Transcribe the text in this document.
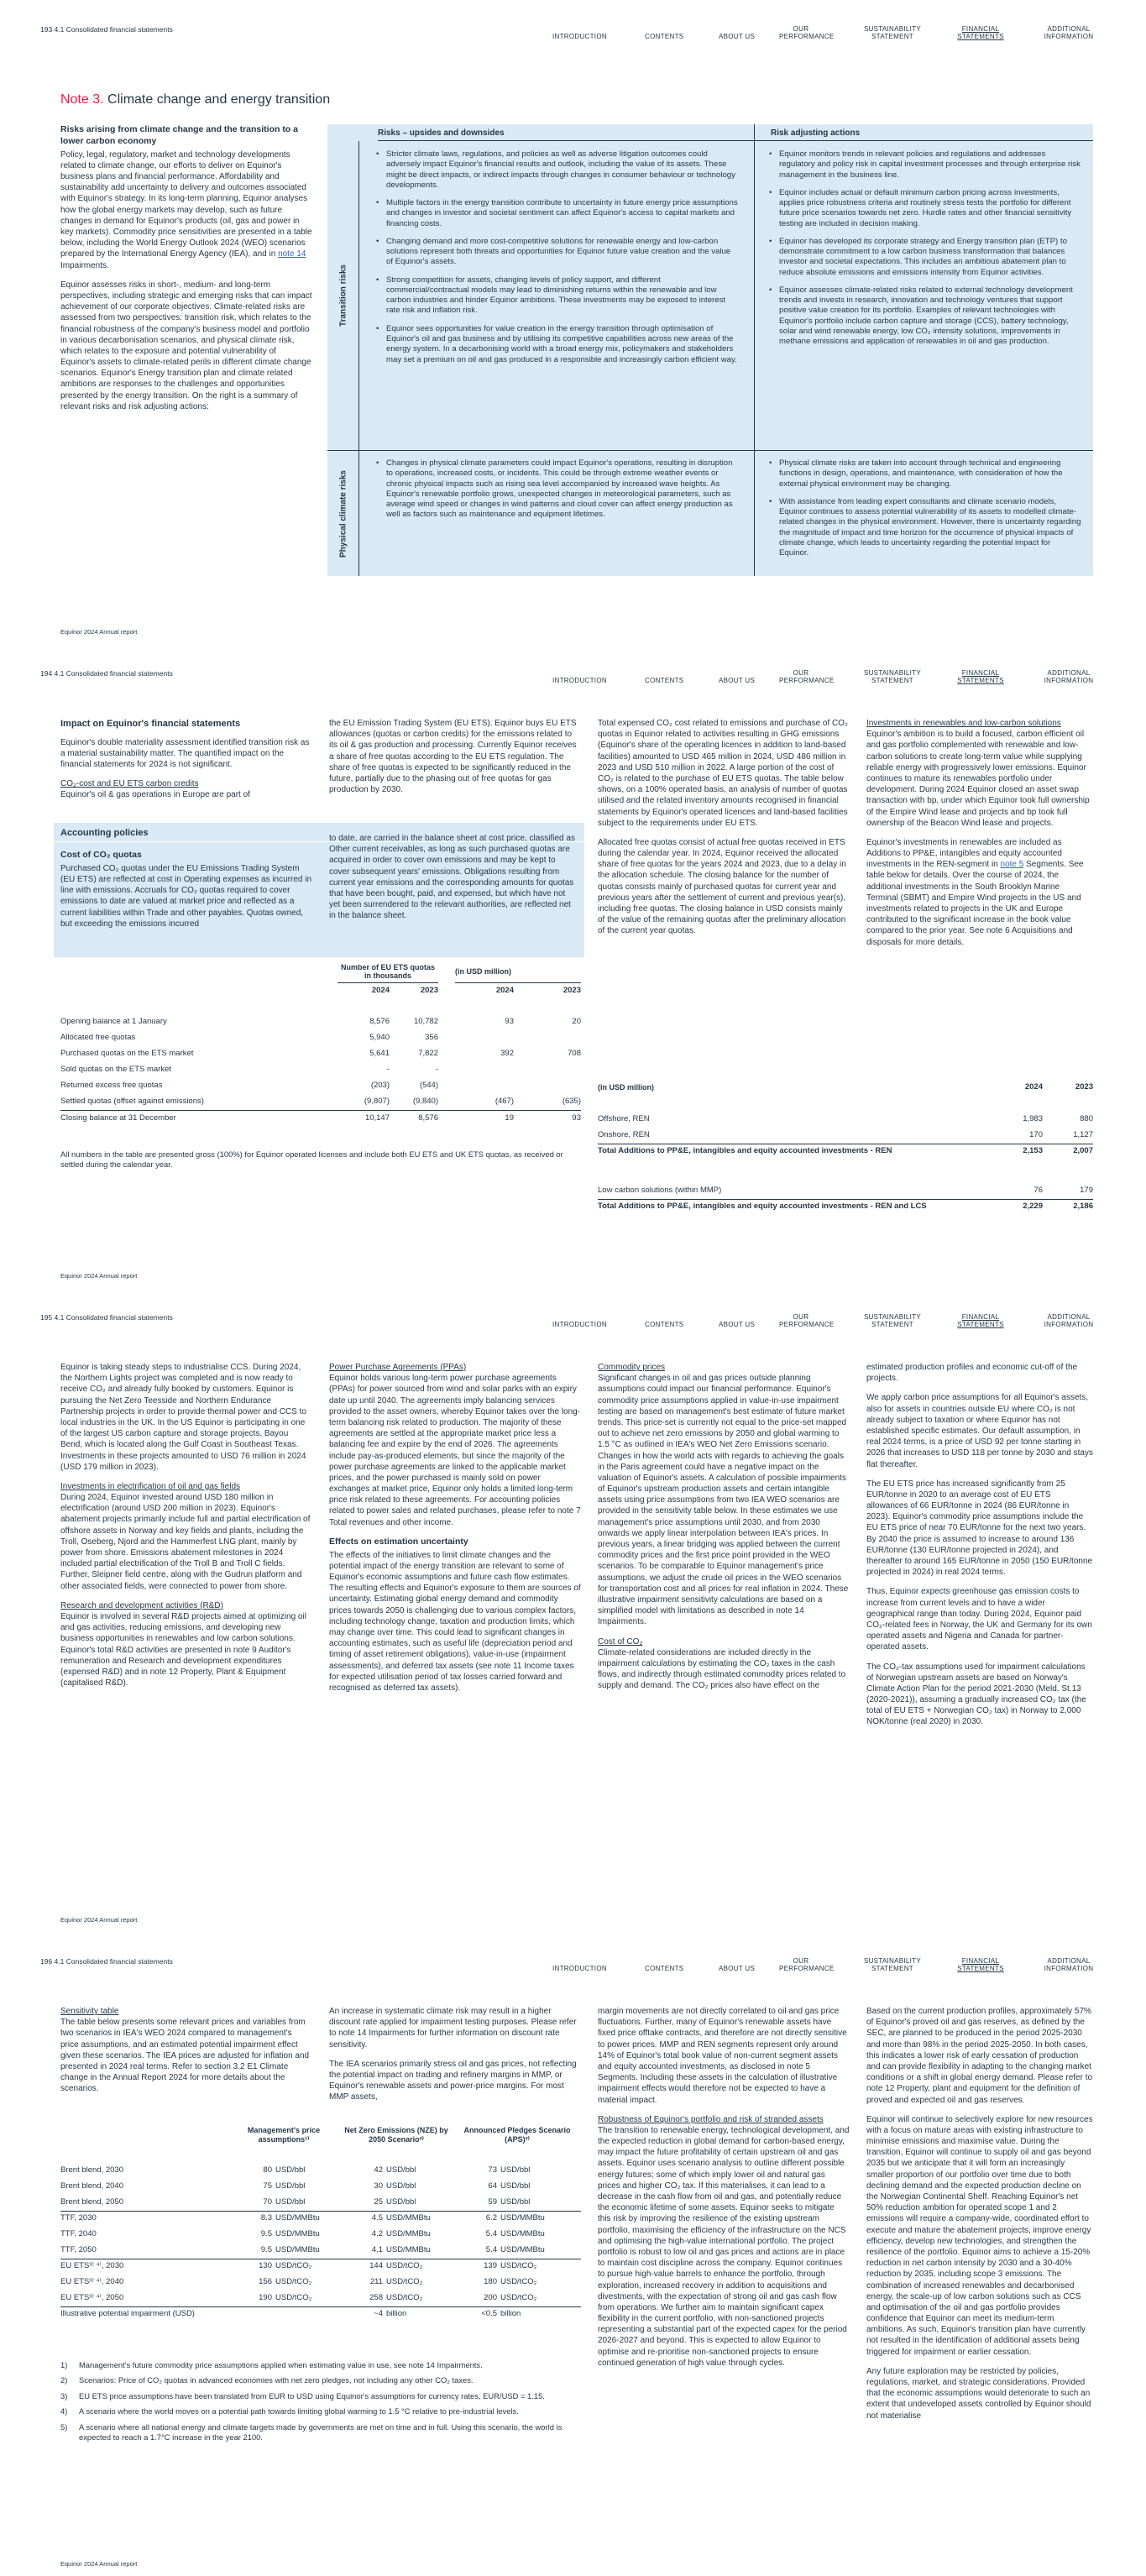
193 4.1 Consolidated financial statements
INTRODUCTION	CONTENTS	ABOUT US
OUR PERFORMANCE
SUSTAINABILITY STATEMENT
FINANCIAL STATEMENTS
ADDITIONAL INFORMATION
Note 3. Climate change and energy transition
Risks arising from climate change and the transition to a lower carbon economy

Policy, legal, regulatory, market and technology developments related to climate change, our efforts to deliver on Equinor's business plans and financial performance. Affordability and sustainability add uncertainty to delivery and outcomes associated with Equinor's strategy. In its long-term planning, Equinor analyses how the global energy markets may develop, such as future changes in demand for Equinor's products (oil, gas and power in key markets). Commodity price sensitivities are presented in a table below, including the World Energy Outlook 2024 (WEO) scenarios prepared by the International Energy Agency (IEA), and in note 14 Impairments.

Equinor assesses risks in short-, medium- and long-term perspectives, including strategic and emerging risks that can impact achievement of our corporate objectives. Climate-related risks are assessed from two perspectives: transition risk, which relates to the financial robustness of the company's business model and portfolio in various decarbonisation scenarios, and physical climate risk, which relates to the exposure and potential vulnerability of Equinor's assets to climate-related perils in different climate change scenarios. Equinor's Energy transition plan and climate related ambitions are responses to the challenges and opportunities presented by the energy transition. On the right is a summary of relevant risks and risk adjusting actions:

Risks – upsides and downsides	Risk adjusting actions
Transition risks
Physical climate risks
• Stricter climate laws, regulations, and policies as well as adverse litigation outcomes could adversely impact Equinor's financial results and outlook, including the value of its assets. These might be direct impacts, or indirect impacts through changes in consumer behaviour or technology developments.
• Multiple factors in the energy transition contribute to uncertainty in future energy price assumptions and changes in investor and societal sentiment can affect Equinor's access to capital markets and financing costs.
• Changing demand and more cost-competitive solutions for renewable energy and low-carbon solutions represent both threats and opportunities for Equinor future value creation and the value of Equinor's assets.
• Strong competition for assets, changing levels of policy support, and different commercial/contractual models may lead to diminishing returns within the renewable and low carbon industries and hinder Equinor ambitions. These investments may be exposed to interest rate risk and inflation risk.
• Equinor sees opportunities for value creation in the energy transition through optimisation of Equinor's oil and gas business and by utilising its competitive capabilities across new areas of the energy system. In a decarbonising world with a broad energy mix, policymakers and stakeholders may set a premium on oil and gas produced in a responsible and increasingly carbon efficient way.
• Equinor monitors trends in relevant policies and regulations and addresses regulatory and policy risk in capital investment processes and through enterprise risk management in the business line.
• Equinor includes actual or default minimum carbon pricing across investments, applies price robustness criteria and routinely stress tests the portfolio for different future price scenarios towards net zero. Hurdle rates and other financial sensitivity testing are included in decision making.
• Equinor has developed its corporate strategy and Energy transition plan (ETP) to demonstrate commitment to a low carbon business transformation that balances investor and societal expectations. This includes an ambitious abatement plan to reduce absolute emissions and emissions intensity from Equinor activities.
• Equinor assesses climate-related risks related to external technology development trends and invests in research, innovation and technology ventures that support positive value creation for its portfolio. Examples of relevant technologies with Equinor's portfolio include carbon capture and storage (CCS), battery technology, solar and wind renewable energy, low CO₂ intensity solutions, improvements in methane emissions and application of renewables in oil and gas production.
• Changes in physical climate parameters could impact Equinor's operations, resulting in disruption to operations, increased costs, or incidents. This could be through extreme weather events or chronic physical impacts such as rising sea level accompanied by increased wave heights. As Equinor's renewable portfolio grows, unexpected changes in meteorological parameters, such as average wind speed or changes in wind patterns and cloud cover can affect energy production as well as factors such as maintenance and equipment lifetimes.
• Physical climate risks are taken into account through technical and engineering functions in design, operations, and maintenance, with consideration of how the external physical environment may be changing.
• With assistance from leading expert consultants and climate scenario models, Equinor continues to assess potential vulnerability of its assets to modelled climate-related changes in the physical environment. However, there is uncertainty regarding the magnitude of impact and time horizon for the occurrence of physical impacts of climate change, which leads to uncertainty regarding the potential impact for Equinor.
Equinor 2024 Annual report
194 4.1 Consolidated financial statements
INTRODUCTION	CONTENTS	ABOUT US
OUR PERFORMANCE
SUSTAINABILITY STATEMENT
FINANCIAL STATEMENTS
ADDITIONAL INFORMATION
Impact on Equinor's financial statements

Equinor's double materiality assessment identified transition risk as a material sustainability matter. The quantified impact on the financial statements for 2024 is not significant.

CO₂-cost and EU ETS carbon credits

Equinor's oil & gas operations in Europe are part of

the EU Emission Trading System (EU ETS). Equinor buys EU ETS allowances (quotas or carbon credits) for the emissions related to its oil & gas production and processing. Currently Equinor receives a share of free quotas according to the EU ETS regulation. The share of free quotas is expected to be significantly reduced in the future, partially due to the phasing out of free quotas for gas production by 2030.

Accounting policies
Cost of CO₂ quotas

Purchased CO₂ quotas under the EU Emissions Trading System (EU ETS) are reflected at cost in Operating expenses as incurred in line with emissions. Accruals for CO₂ quotas required to cover emissions to date are valued at market price and reflected as a current liabilities within Trade and other payables. Quotas owned, but exceeding the emissions incurred

to date, are carried in the balance sheet at cost price, classified as Other current receivables, as long as such purchased quotas are acquired in order to cover own emissions and may be kept to cover subsequent years' emissions. Obligations resulting from current year emissions and the corresponding amounts for quotas that have been bought, paid, and expensed, but which have not yet been surrendered to the relevant authorities, are reflected net in the balance sheet.

	Number of EU ETS quotas in thousands			(in USD million)	
	2024	2023		2024	2023

Opening balance at 1 January	8,576	10,782		93	20
Allocated free quotas	5,940	356			
Purchased quotas on the ETS market	5,641	7,822		392	708
Sold quotas on the ETS market	-	-			
Returned excess free quotas	(203)	(544)			
Settled quotas (offset against emissions)	(9,807)	(9,840)		(467)	(635)
Closing balance at 31 December	10,147	8,576		19	93
All numbers in the table are presented gross (100%) for Equinor operated licenses and include both EU ETS and UK ETS quotas, as received or settled during the calendar year.

Total expensed CO₂ cost related to emissions and purchase of CO₂ quotas in Equinor related to activities resulting in GHG emissions (Equinor's share of the operating licences in addition to land-based facilities) amounted to USD 465 million in 2024, USD 486 million in 2023 and USD 510 million in 2022. A large portion of the cost of CO₂ is related to the purchase of EU ETS quotas. The table below shows, on a 100% operated basis, an analysis of number of quotas utilised and the related inventory amounts recognised in financial statements by Equinor's operated licences and land-based facilities subject to the requirements under EU ETS.

Allocated free quotas consist of actual free quotas received in ETS during the calendar year. In 2024, Equinor received the allocated share of free quotas for the years 2024 and 2023, due to a delay in the allocation schedule. The closing balance for the number of quotas consists mainly of purchased quotas for current year and previous years after the settlement of current and previous year(s), including free quotas. The closing balance in USD consists mainly of the value of the remaining quotas after the preliminary allocation of the current year quotas.

Investments in renewables and low-carbon solutions

Equinor's ambition is to build a focused, carbon efficient oil and gas portfolio complemented with renewable and low-carbon solutions to create long-term value while supplying reliable energy with progressively lower emissions. Equinor continues to mature its renewables portfolio under development. During 2024 Equinor closed an asset swap transaction with bp, under which Equinor took full ownership of the Empire Wind lease and projects and bp took full ownership of the Beacon Wind lease and projects.

Equinor's investments in renewables are included as Additions to PP&E, intangibles and equity accounted investments in the REN-segment in note 5 Segments. See table below for details. Over the course of 2024, the additional investments in the South Brooklyn Marine Terminal (SBMT) and Empire Wind projects in the US and investments related to projects in the UK and Europe contributed to the significant increase in the book value compared to the prior year. See note 6 Acquisitions and disposals for more details.

(in USD million)	2024	2023

Offshore, REN	1,983	880
Onshore, REN	170	1,127
Total Additions to PP&E, intangibles and equity accounted investments - REN	2,153	2,007

Low carbon solutions (within MMP)	76	179
Total Additions to PP&E, intangibles and equity accounted investments - REN and LCS	2,229	2,186
Equinor 2024 Annual report
195 4.1 Consolidated financial statements
INTRODUCTION	CONTENTS	ABOUT US
OUR PERFORMANCE
SUSTAINABILITY STATEMENT
FINANCIAL STATEMENTS
ADDITIONAL INFORMATION

Equinor is taking steady steps to industrialise CCS. During 2024, the Northern Lights project was completed and is now ready to receive CO₂ and already fully booked by customers. Equinor is pursuing the Net Zero Teesside and Northern Endurance Partnership projects in order to provide thermal power and CCS to local industries in the UK. In the US Equinor is participating in one of the largest US carbon capture and storage projects, Bayou Bend, which is located along the Gulf Coast in Southeast Texas. Investments in these projects amounted to USD 76 million in 2024 (USD 179 million in 2023).

Investments in electrification of oil and gas fields

During 2024, Equinor invested around USD 180 million in electrification (around USD 200 million in 2023). Equinor's abatement projects primarily include full and partial electrification of offshore assets in Norway and key fields and plants, including the Troll, Oseberg, Njord and the Hammerfest LNG plant, mainly by power from shore. Emissions abatement milestones in 2024 included partial electrification of the Troll B and Troll C fields. Further, Sleipner field centre, along with the Gudrun platform and other associated fields, were connected to power from shore.

Research and development activities (R&D)

Equinor is involved in several R&D projects aimed at optimizing oil and gas activities, reducing emissions, and developing new business opportunities in renewables and low carbon solutions. Equinor's total R&D activities are presented in note 9 Auditor's remuneration and Research and development expenditures (expensed R&D) and in note 12 Property, Plant & Equipment (capitalised R&D).

Power Purchase Agreements (PPAs)

Equinor holds various long-term power purchase agreements (PPAs) for power sourced from wind and solar parks with an expiry date up until 2040. The agreements imply balancing services provided to the asset owners, whereby Equinor takes over the long-term balancing risk related to production. The majority of these agreements are settled at the appropriate market price less a balancing fee and expire by the end of 2026. The agreements include pay-as-produced elements, but since the majority of the power purchase agreements are linked to the applicable market prices, and the power purchased is mainly sold on power exchanges at market price, Equinor only holds a limited long-term price risk related to these agreements. For accounting policies related to power sales and related purchases, please refer to note 7 Total revenues and other income.

Effects on estimation uncertainty

The effects of the initiatives to limit climate changes and the potential impact of the energy transition are relevant to some of Equinor's economic assumptions and future cash flow estimates. The resulting effects and Equinor's exposure to them are sources of uncertainty. Estimating global energy demand and commodity prices towards 2050 is challenging due to various complex factors, including technology change, taxation and production limits, which may change over time. This could lead to significant changes in accounting estimates, such as useful life (depreciation period and timing of asset retirement obligations), value-in-use (impairment assessments), and deferred tax assets (see note 11 Income taxes for expected utilisation period of tax losses carried forward and recognised as deferred tax assets).

Commodity prices

Significant changes in oil and gas prices outside planning assumptions could impact our financial performance. Equinor's commodity price assumptions applied in value-in-use impairment testing are based on management's best estimate of future market trends. This price-set is currently not equal to the price-set mapped out to achieve net zero emissions by 2050 and global warming to 1.5 °C as outlined in IEA's WEO Net Zero Emissions scenario. Changes in how the world acts with regards to achieving the goals in the Paris agreement could have a negative impact on the valuation of Equinor's assets. A calculation of possible impairments of Equinor's upstream production assets and certain intangible assets using price assumptions from two IEA WEO scenarios are provided in the sensitivity table below. In these estimates we use management's price assumptions until 2030, and from 2030 onwards we apply linear interpolation between IEA's prices. In previous years, a linear bridging was applied between the current commodity prices and the first price point provided in the WEO scenarios. To be comparable to Equinor management's price assumptions, we adjust the crude oil prices in the WEO scenarios for transportation cost and all prices for real inflation in 2024. These illustrative impairment sensitivity calculations are based on a simplified model with limitations as described in note 14 Impairments.

Cost of CO₂

Climate-related considerations are included directly in the impairment calculations by estimating the CO₂ taxes in the cash flows, and indirectly through estimated commodity prices related to supply and demand. The CO₂ prices also have effect on the

estimated production profiles and economic cut-off of the projects.

We apply carbon price assumptions for all Equinor's assets, also for assets in countries outside EU where CO₂ is not already subject to taxation or where Equinor has not established specific estimates. Our default assumption, in real 2024 terms, is a price of USD 92 per tonne starting in 2026 that increases to USD 118 per tonne by 2030 and stays flat thereafter.

The EU ETS price has increased significantly from 25 EUR/tonne in 2020 to an average cost of EU ETS allowances of 66 EUR/tonne in 2024 (86 EUR/tonne in 2023). Equinor's commodity price assumptions include the EU ETS price of near 70 EUR/tonne for the next two years. By 2040 the price is assumed to increase to around 136 EUR/tonne (130 EUR/tonne projected in 2024), and thereafter to around 165 EUR/tonne in 2050 (150 EUR/tonne projected in 2024) in real 2024 terms.

Thus, Equinor expects greenhouse gas emission costs to increase from current levels and to have a wider geographical range than today. During 2024, Equinor paid CO₂-related fees in Norway, the UK and Germany for its own operated assets and Nigeria and Canada for partner-operated assets.

The CO₂-tax assumptions used for impairment calculations of Norwegian upstream assets are based on Norway's Climate Action Plan for the period 2021-2030 (Meld. St.13 (2020-2021)), assuming a gradually increased CO₂ tax (the total of EU ETS + Norwegian CO₂ tax) in Norway to 2,000 NOK/tonne (real 2020) in 2030.

Equinor 2024 Annual report
196 4.1 Consolidated financial statements
INTRODUCTION	CONTENTS	ABOUT US
OUR PERFORMANCE
SUSTAINABILITY STATEMENT
FINANCIAL STATEMENTS
ADDITIONAL INFORMATION

Sensitivity table

The table below presents some relevant prices and variables from two scenarios in IEA's WEO 2024 compared to management's price assumptions, and an estimated potential impairment effect given these scenarios. The IEA prices are adjusted for inflation and presented in 2024 real terms. Refer to section 3.2 E1 Climate change in the Annual Report 2024 for more details about the scenarios.

An increase in systematic climate risk may result in a higher discount rate applied for impairment testing purposes. Please refer to note 14 Impairments for further information on discount rate sensitivity.

The IEA scenarios primarily stress oil and gas prices, not reflecting the potential impact on trading and refinery margins in MMP, or Equinor's renewable assets and power-price margins. For most MMP assets,

	Management's price assumptions¹⁾		Net Zero Emissions (NZE) by 2050 Scenario²⁾		Announced Pledges Scenario (APS)³⁾	

Brent blend, 2030	80	USD/bbl	42	USD/bbl	73	USD/bbl
Brent blend, 2040	75	USD/bbl	30	USD/bbl	64	USD/bbl
Brent blend, 2050	70	USD/bbl	25	USD/bbl	59	USD/bbl
TTF, 2030	8.3	USD/MMBtu	4.5	USD/MMBtu	6.2	USD/MMBtu
TTF, 2040	9.5	USD/MMBtu	4.2	USD/MMBtu	5.4	USD/MMBtu
TTF, 2050	9.5	USD/MMBtu	4.1	USD/MMBtu	5.4	USD/MMBtu
EU ETS³⁾ ⁴⁾, 2030	130	USD/tCO₂	144	USD/tCO₂	139	USD/tCO₂
EU ETS³⁾ ⁴⁾, 2040	156	USD/tCO₂	211	USD/tCO₂	180	USD/tCO₂
EU ETS³⁾ ⁴⁾, 2050	190	USD/tCO₂	258	USD/tCO₂	200	USD/tCO₂
Illustrative potential impairment (USD)			~4	billion	<0.5	billion

1)	Management's future commodity price assumptions applied when estimating value in use, see note 14 Impairments.

2)	Scenarios: Price of CO₂ quotas in advanced economies with net zero pledges, not including any other CO₂ taxes.

3)	EU ETS price assumptions have been translated from EUR to USD using Equinor's assumptions for currency rates, EUR/USD = 1.15.

4)	A scenario where the world moves on a potential path towards limiting global warming to 1.5 °C relative to pre-industrial levels.

5)	A scenario where all national energy and climate targets made by governments are met on time and in full. Using this scenario, the world is expected to reach a 1.7°C increase in the year 2100.

margin movements are not directly correlated to oil and gas price fluctuations. Further, many of Equinor's renewable assets have fixed price offtake contracts, and therefore are not directly sensitive to power prices. MMP and REN segments represent only around 14% of Equinor's total book value of non-current segment assets and equity accounted investments, as disclosed in note 5 Segments. Including these assets in the calculation of illustrative impairment effects would therefore not be expected to have a material impact.

Robustness of Equinor's portfolio and risk of stranded assets

The transition to renewable energy, technological development, and the expected reduction in global demand for carbon-based energy, may impact the future profitability of certain upstream oil and gas assets. Equinor uses scenario analysis to outline different possible energy futures; some of which imply lower oil and natural gas prices and higher CO₂ tax. If this materialises, it can lead to a decrease in the cash flow from oil and gas, and potentially reduce the economic lifetime of some assets. Equinor seeks to mitigate this risk by improving the resilience of the existing upstream portfolio, maximising the efficiency of the infrastructure on the NCS and optimising the high-value international portfolio. The project portfolio is robust to low oil and gas prices and actions are in place to maintain cost discipline across the company. Equinor continues to pursue high-value barrels to enhance the portfolio, through exploration, increased recovery in addition to acquisitions and divestments, with the expectation of strong oil and gas cash flow from operations. We further aim to maintain significant capex flexibility in the current portfolio, with non-sanctioned projects representing a substantial part of the expected capex for the period 2026-2027 and beyond. This is expected to allow Equinor to optimise and re-prioritise non-sanctioned projects to ensure continued generation of high value through cycles.

Based on the current production profiles, approximately 57% of Equinor's proved oil and gas reserves, as defined by the SEC, are planned to be produced in the period 2025-2030 and more than 98% in the period 2025-2050. In both cases, this indicates a lower risk of early cessation of production and can provide flexibility in adapting to the changing market conditions or a shift in global energy demand. Please refer to note 12 Property, plant and equipment for the definition of proved and expected oil and gas reserves.

Equinor will continue to selectively explore for new resources with a focus on mature areas with existing infrastructure to minimise emissions and maximise value. During the transition, Equinor will continue to supply oil and gas beyond 2035 but we anticipate that it will form an increasingly smaller proportion of our portfolio over time due to both declining demand and the expected production decline on the Norwegian Continental Shelf. Reaching Equinor's net 50% reduction ambition for operated scope 1 and 2 emissions will require a company-wide, coordinated effort to execute and mature the abatement projects, improve energy efficiency, develop new technologies, and strengthen the resilience of the portfolio. Equinor aims to achieve a 15-20% reduction in net carbon intensity by 2030 and a 30-40% reduction by 2035, including scope 3 emissions. The combination of increased renewables and decarbonised energy, the scale-up of low carbon solutions such as CCS and optimisation of the oil and gas portfolio provides confidence that Equinor can meet its medium-term ambitions. As such, Equinor's transition plan have currently not resulted in the identification of additional assets being triggered for impairment or earlier cessation.

Any future exploration may be restricted by policies, regulations, market, and strategic considerations. Provided that the economic assumptions would deteriorate to such an extent that undeveloped assets controlled by Equinor should not materialise

Equinor 2024 Annual report
